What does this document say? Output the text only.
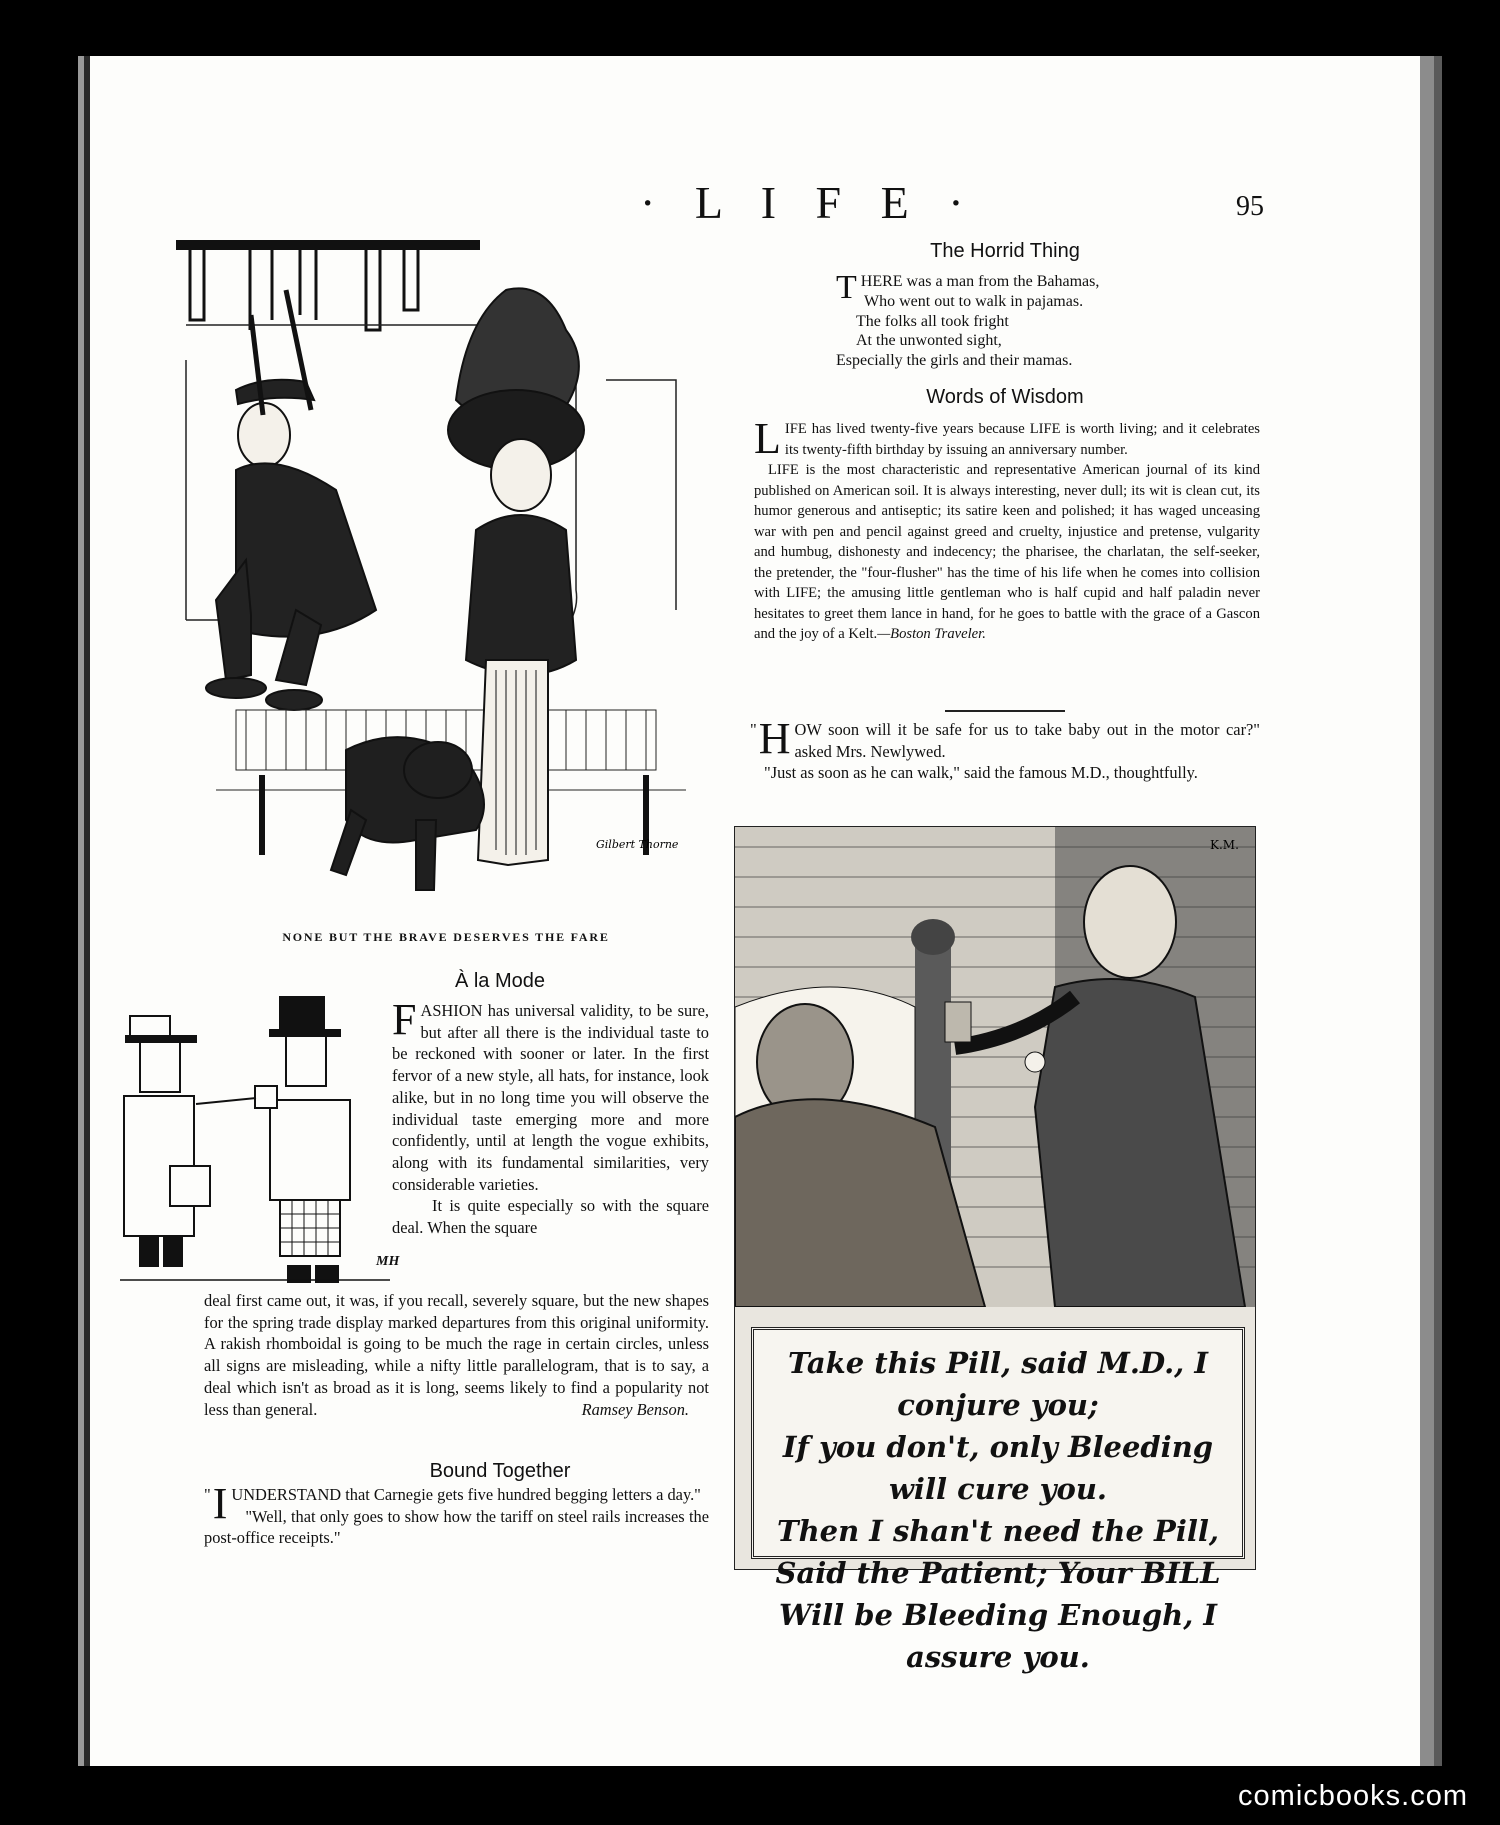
· L I F E ·	95
Gilbert Thorne
NONE BUT THE BRAVE DESERVES THE FARE
The Horrid Thing
THERE was a man from the Bahamas,
Who went out to walk in pajamas.
The folks all took fright
At the unwonted sight,
Especially the girls and their mamas.
Words of Wisdom

LIFE has lived twenty-five years because LIFE is worth living; and it celebrates its twenty-fifth birthday by issuing an anniversary number.

LIFE is the most characteristic and representative American journal of its kind published on American soil. It is always interesting, never dull; its wit is clean cut, its humor generous and antiseptic; its satire keen and polished; it has waged unceasing war with pen and pencil against greed and cruelty, injustice and pretense, vulgarity and humbug, dishonesty and indecency; the pharisee, the charlatan, the self-seeker, the pretender, the "four-flusher" has the time of his life when he comes into collision with LIFE; the amusing little gentleman who is half cupid and half paladin never hesitates to greet them lance in hand, for he goes to battle with the grace of a Gascon and the joy of a Kelt.—Boston Traveler.

" H OW soon will it be safe for us to take baby out in the motor car?" asked Mrs. Newlywed.

"Just as soon as he can walk," said the famous M.D., thoughtfully.

K.M.
Take this Pill, said M.D., I conjure you;
If you don't, only Bleeding will cure you.
Then I shan't need the Pill,
Said the Patient; Your BILL
Will be Bleeding Enough, I assure you.
À la Mode

FASHION has universal validity, to be sure, but after all there is the individual taste to be reckoned with sooner or later. In the first fervor of a new style, all hats, for instance, look alike, but in no long time you will observe the individual taste emerging more and more confidently, until at length the vogue exhibits, along with its fundamental similarities, very considerable varieties.

It is quite especially so with the square deal. When the square

MH

deal first came out, it was, if you recall, severely square, but the new shapes for the spring trade display marked departures from this original uniformity. A rakish rhomboidal is going to be much the rage in certain circles, unless all signs are misleading, while a nifty little parallelogram, that is to say, a deal which isn't as broad as it is long, seems likely to find a popularity not less than general.	Ramsey Benson.

Bound Together

" I UNDERSTAND that Carnegie gets five hundred begging letters a day."

"Well, that only goes to show how the tariff on steel rails increases the post-office receipts."

comicbooks.com
